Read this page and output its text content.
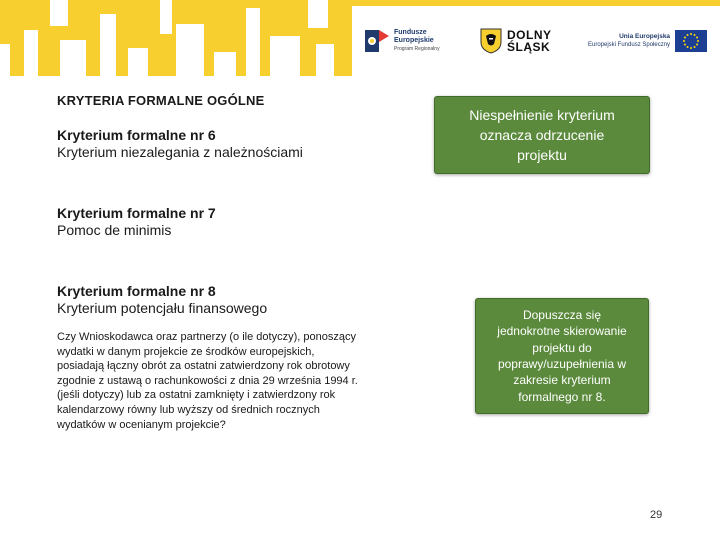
Fundusze
Europejskie
Program Regionalny
DOLNY
ŚLĄSK
Unia Europejska
Europejski Fundusz Społeczny
KRYTERIA FORMALNE OGÓLNE
Kryterium formalne nr 6
Kryterium niezalegania z należnościami
Kryterium formalne nr 7
Pomoc de minimis
Kryterium formalne nr 8
Kryterium potencjału finansowego
Czy Wnioskodawca oraz partnerzy (o ile dotyczy), ponoszący wydatki w danym projekcie ze środków europejskich, posiadają łączny obrót za ostatni zatwierdzony rok obrotowy zgodnie z ustawą o rachunkowości z dnia 29 września 1994 r. (jeśli dotyczy) lub za ostatni zamknięty i zatwierdzony rok kalendarzowy równy lub wyższy od średnich rocznych wydatków w ocenianym projekcie?
Niespełnienie kryterium
oznacza odrzucenie
projektu
Dopuszcza się
jednokrotne skierowanie
projektu do
poprawy/uzupełnienia w
zakresie kryterium
formalnego nr 8.
29
